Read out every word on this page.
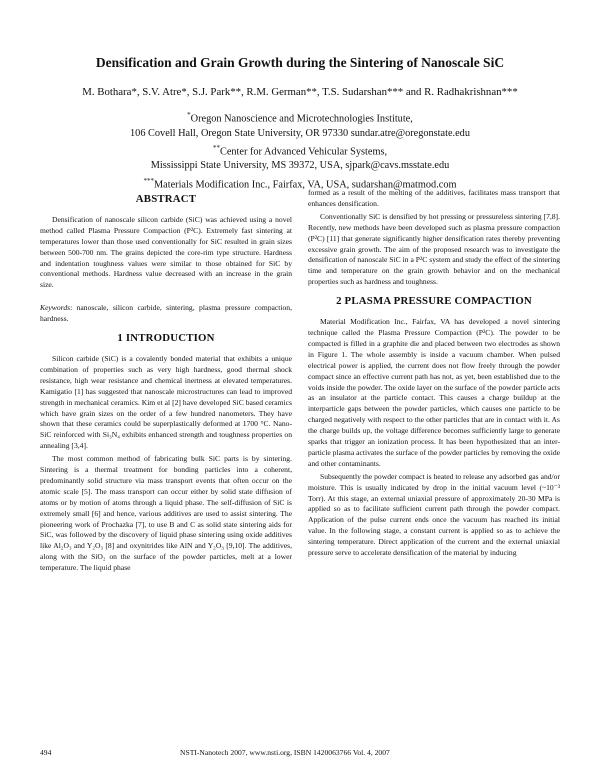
Densification and Grain Growth during the Sintering of Nanoscale SiC

M. Bothara*, S.V. Atre*, S.J. Park**, R.M. German**, T.S. Sudarshan*** and R. Radhakrishnan***

*Oregon Nanoscience and Microtechnologies Institute,
106 Covell Hall, Oregon State University, OR 97330 sundar.atre@oregonstate.edu
**Center for Advanced Vehicular Systems,
Mississippi State University, MS 39372, USA, sjpark@cavs.msstate.edu
***Materials Modification Inc., Fairfax, VA, USA, sudarshan@matmod.com
ABSTRACT

Densification of nanoscale silicon carbide (SiC) was achieved using a novel method called Plasma Pressure Compaction (P²C). Extremely fast sintering at temperatures lower than those used conventionally for SiC resulted in grain sizes between 500-700 nm. The grains depicted the core-rim type structure. Hardness and indentation toughness values were similar to those obtained for SiC by conventional methods. Hardness value decreased with an increase in the grain size.

Keywords: nanoscale, silicon carbide, sintering, plasma pressure compaction, hardness.

1 INTRODUCTION

Silicon carbide (SiC) is a covalently bonded material that exhibits a unique combination of properties such as very high hardness, good thermal shock resistance, high wear resistance and chemical inertness at elevated temperatures. Kamigatio [1] has suggested that nanoscale microstructures can lead to improved strength in mechanical ceramics. Kim et al [2] have developed SiC based ceramics which have grain sizes on the order of a few hundred nanometers. They have shown that these ceramics could be superplastically deformed at 1700 °C. Nano-SiC reinforced with Si₃N₄ exhibits enhanced strength and toughness properties on annealing [3,4].

The most common method of fabricating bulk SiC parts is by sintering. Sintering is a thermal treatment for bonding particles into a coherent, predominantly solid structure via mass transport events that often occur on the atomic scale [5]. The mass transport can occur either by solid state diffusion of atoms or by motion of atoms through a liquid phase. The self-diffusion of SiC is extremely small [6] and hence, various additives are used to assist sintering. The pioneering work of Prochazka [7], to use B and C as solid state sintering aids for SiC, was followed by the discovery of liquid phase sintering using oxide additives like Al₂O₃ and Y₂O₃ [8] and oxynitrides like AlN and Y₂O₃ [9,10]. The additives, along with the SiO₂ on the surface of the powder particles, melt at a lower temperature. The liquid phase

formed as a result of the melting of the additives, facilitates mass transport that enhances densification.

Conventionally SiC is densified by hot pressing or pressureless sintering [7,8]. Recently, new methods have been developed such as plasma pressure compaction (P²C) [11] that generate significantly higher densification rates thereby preventing excessive grain growth. The aim of the proposed research was to investigate the densification of nanoscale SiC in a P²C system and study the effect of the sintering time and temperature on the grain growth behavior and on the mechanical properties such as hardness and toughness.

2 PLASMA PRESSURE COMPACTION

Material Modification Inc., Fairfax, VA has developed a novel sintering technique called the Plasma Pressure Compaction (P²C). The powder to be compacted is filled in a graphite die and placed between two electrodes as shown in Figure 1. The whole assembly is inside a vacuum chamber. When pulsed electrical power is applied, the current does not flow freely through the powder compact since an effective current path has not, as yet, been established due to the voids inside the powder. The oxide layer on the surface of the powder particle acts as an insulator at the particle contact. This causes a charge buildup at the interparticle gaps between the powder particles, which causes one particle to be charged negatively with respect to the other particles that are in contact with it. As the charge builds up, the voltage difference becomes sufficiently large to generate sparks that trigger an ionization process. It has been hypothesized that an inter-particle plasma activates the surface of the powder particles by removing the oxide and other contaminants.

Subsequently the powder compact is heated to release any adsorbed gas and/or moisture. This is usually indicated by drop in the initial vacuum level (~10⁻³ Torr). At this stage, an external uniaxial pressure of approximately 20-30 MPa is applied so as to facilitate sufficient current path through the powder compact. Application of the pulse current ends once the vacuum has reached its initial value. In the following stage, a constant current is applied so as to achieve the sintering temperature. Direct application of the current and the external uniaxial pressure serve to accelerate densification of the material by inducing

494	NSTI-Nanotech 2007, www.nsti.org, ISBN 1420063766 Vol. 4, 2007
